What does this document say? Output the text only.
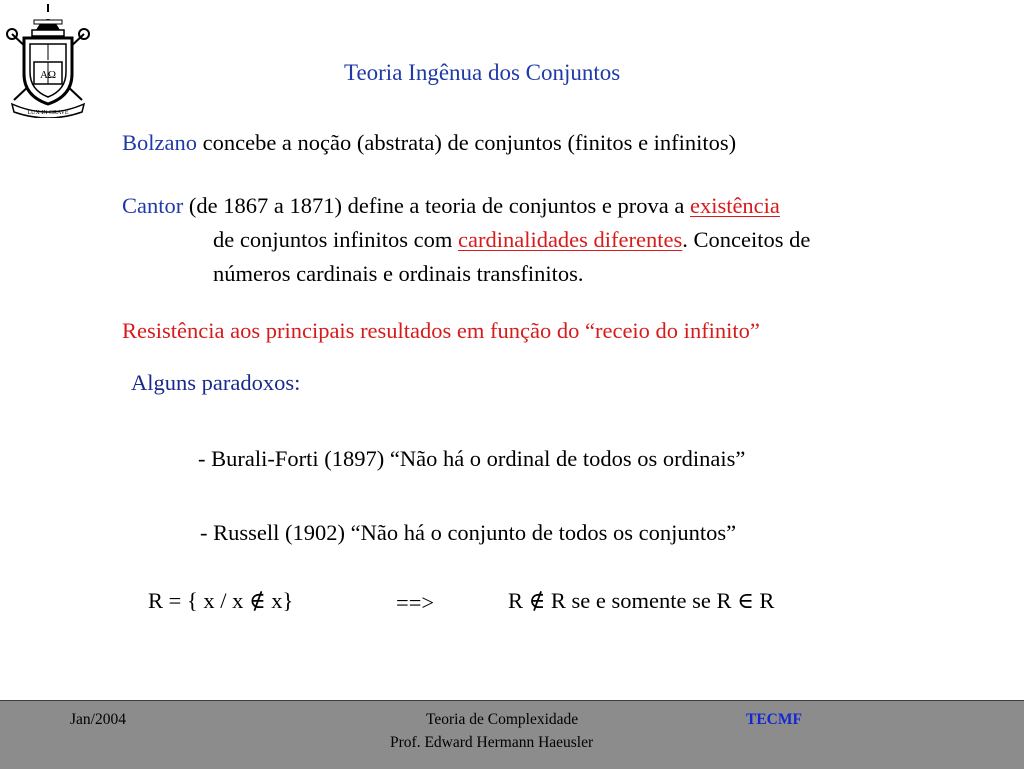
AΩ
LUX IN CRAVE
Teoria Ingênua dos Conjuntos
Bolzano concebe a noção (abstrata) de conjuntos (finitos e infinitos)
Cantor (de 1867 a 1871) define a teoria de conjuntos e prova a existência
de conjuntos infinitos com cardinalidades diferentes. Conceitos de
números cardinais e ordinais transfinitos.
Resistência aos principais resultados em função do “receio do infinito”
Alguns paradoxos:
- Burali-Forti (1897) “Não há o ordinal de todos os ordinais”
- Russell (1902) “Não há o conjunto de todos os conjuntos”
R = { x / x ∉ x}	==>	R ∉ R se e somente se R ∈ R
Jan/2004	Teoria de Complexidade	TECMF
Prof. Edward Hermann Haeusler
